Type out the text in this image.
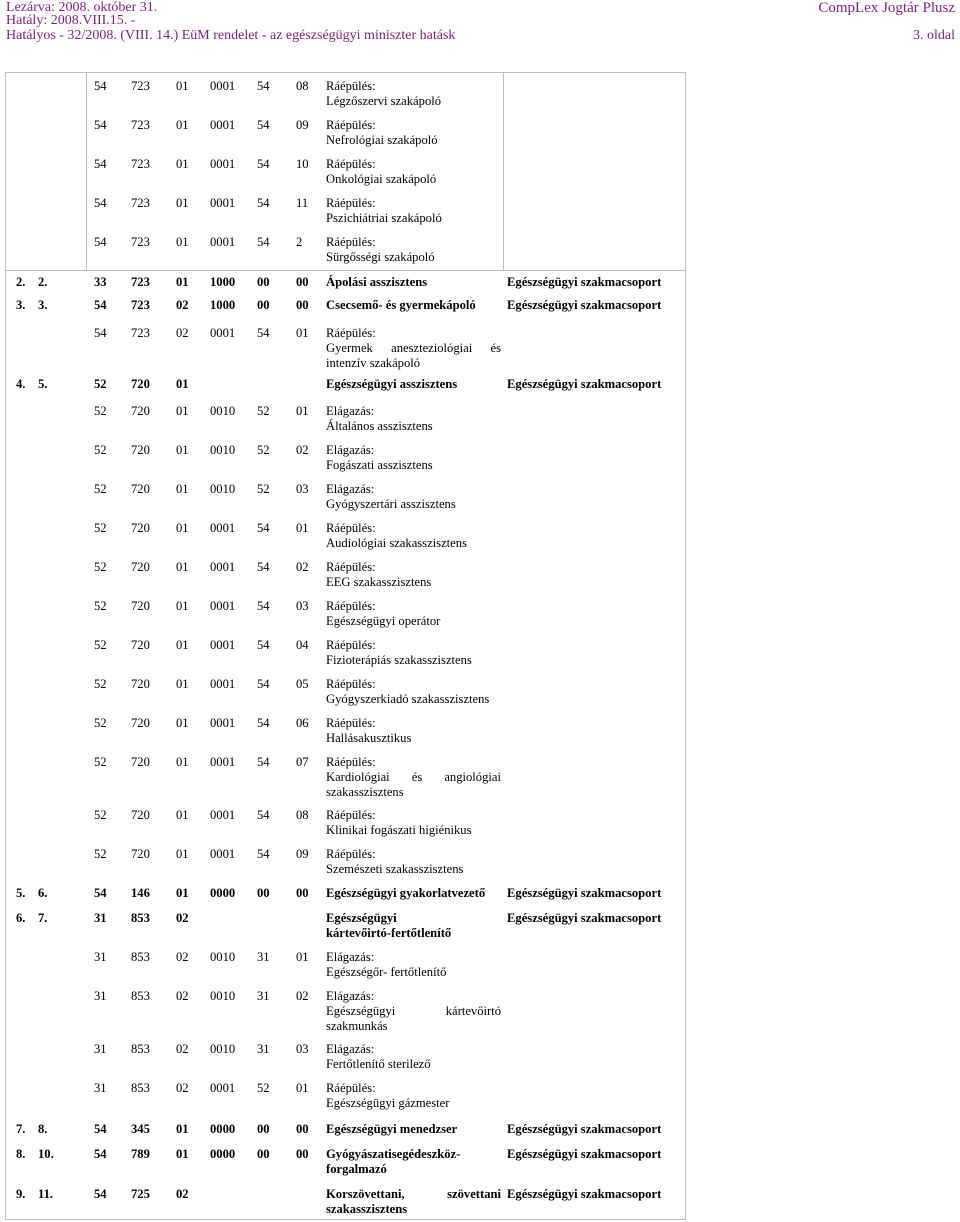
Lezárva: 2008. október 31.
Hatály: 2008.VIII.15. -
Hatályos - 32/2008. (VIII. 14.) EüM rendelet - az egészségügyi miniszter hatásk
CompLex Jogtár Plusz
3. oldal
54 723 01 0001 54 08 Ráépülés:
Légzőszervi szakápoló
54 723 01 0001 54 09 Ráépülés:
Nefrológiai szakápoló
54 723 01 0001 54 10 Ráépülés:
Onkológiai szakápoló
54 723 01 0001 54 11 Ráépülés:
Pszichiátriai szakápoló
54 723 01 0001 54 2 Ráépülés:
Sürgősségi szakápoló
2. 2.	33 723 01 1000 00 00 Ápolási asszisztens	Egészségügyi szakmacsoport
3. 3.	54 723 02 1000 00 00 Csecsemő- és gyermekápoló	Egészségügyi szakmacsoport
54 723 02 0001 54 01 Ráépülés:
Gyermek aneszteziológiai és
intenzív szakápoló
4. 5.	52 720 01	Egészségügyi asszisztens	Egészségügyi szakmacsoport
52 720 01 0010 52 01 Elágazás:
Általános asszisztens
52 720 01 0010 52 02 Elágazás:
Fogászati asszisztens
52 720 01 0010 52 03 Elágazás:
Gyógyszertári asszisztens
52 720 01 0001 54 01 Ráépülés:
Audiológiai szakasszisztens
52 720 01 0001 54 02 Ráépülés:
EEG szakasszisztens
52 720 01 0001 54 03 Ráépülés:
Egészségügyi operátor
52 720 01 0001 54 04 Ráépülés:
Fizioterápiás szakasszisztens
52 720 01 0001 54 05 Ráépülés:
Gyógyszerkiadó szakasszisztens
52 720 01 0001 54 06 Ráépülés:
Hallásakusztikus
52 720 01 0001 54 07 Ráépülés:
Kardiológiai és angiológiai
szakasszisztens
52 720 01 0001 54 08 Ráépülés:
Klinikai fogászati higiénikus
52 720 01 0001 54 09 Ráépülés:
Szemészeti szakasszisztens
5. 6.	54 146 01 0000 00 00 Egészségügyi gyakorlatvezető	Egészségügyi szakmacsoport
6. 7.	31 853 02	Egészségügyi
kártevőirtó-fertőtlenítő
Egészségügyi szakmacsoport
31 853 02 0010 31 01 Elágazás:
Egészségőr- fertőtlenítő
31 853 02 0010 31 02 Elágazás:
Egészségügyi kártevőirtó
szakmunkás
31 853 02 0010 31 03 Elágazás:
Fertőtlenítő sterilező
31 853 02 0001 52 01 Ráépülés:
Egészségügyi gázmester
7. 8.	54 345 01 0000 00 00 Egészségügyi menedzser	Egészségügyi szakmacsoport
8. 10.	54 789 01 0000 00 00 Gyógyászatisegédeszköz-
forgalmazó
Egészségügyi szakmacsoport
9. 11.	54 725 02	Korszövettani, szövettani
szakasszisztens
Egészségügyi szakmacsoport
